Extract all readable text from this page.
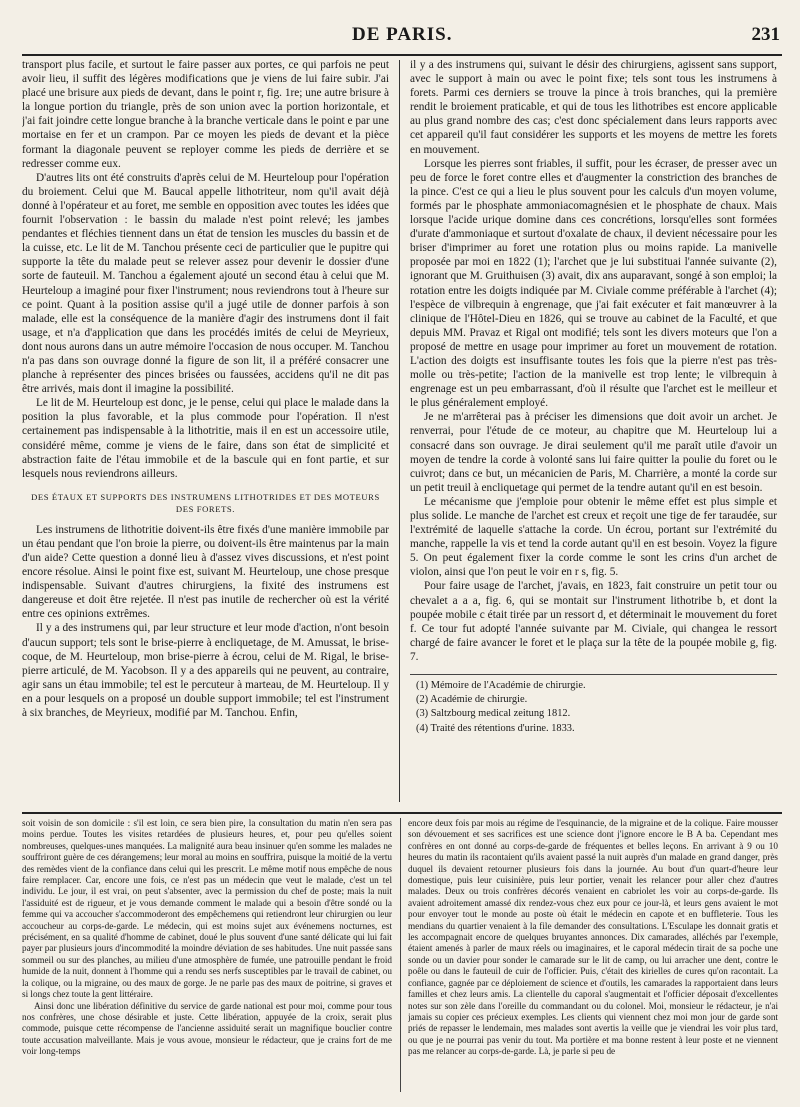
DE PARIS.	231

transport plus facile, et surtout le faire passer aux portes, ce qui parfois ne peut avoir lieu, il suffit des légères modifications que je viens de lui faire subir. J'ai placé une brisure aux pieds de devant, dans le point r, fig. 1re; une autre brisure à la longue portion du triangle, près de son union avec la portion horizontale, et j'ai fait joindre cette longue branche à la branche verticale dans le point e par une mortaise en fer et un crampon. Par ce moyen les pieds de devant et la pièce formant la diagonale peuvent se reployer comme les pieds de derrière et se redresser comme eux.

D'autres lits ont été construits d'après celui de M. Heurteloup pour l'opération du broiement. Celui que M. Baucal appelle lithotriteur, nom qu'il avait déjà donné à l'opérateur et au foret, me semble en opposition avec toutes les idées que fournit l'observation : le bassin du malade n'est point relevé; les jambes pendantes et fléchies tiennent dans un état de tension les muscles du bassin et de la cuisse, etc. Le lit de M. Tanchou présente ceci de particulier que le pupitre qui supporte la tête du malade peut se relever assez pour devenir le dossier d'une sorte de fauteuil. M. Tanchou a également ajouté un second étau à celui que M. Heurteloup a imaginé pour fixer l'instrument; nous reviendrons tout à l'heure sur ce point. Quant à la position assise qu'il a jugé utile de donner parfois à son malade, elle est la conséquence de la manière d'agir des instrumens dont il fait usage, et n'a d'application que dans les procédés imités de celui de Meyrieux, dont nous aurons dans un autre mémoire l'occasion de nous occuper. M. Tanchou n'a pas dans son ouvrage donné la figure de son lit, il a préféré consacrer une planche à représenter des pinces brisées ou faussées, accidens qu'il ne dit pas être arrivés, mais dont il imagine la possibilité.

Le lit de M. Heurteloup est donc, je le pense, celui qui place le malade dans la position la plus favorable, et la plus commode pour l'opération. Il n'est certainement pas indispensable à la lithotritie, mais il en est un accessoire utile, considéré même, comme je viens de le faire, dans son état de simplicité et abstraction faite de l'étau immobile et de la bascule qui en font partie, et sur lesquels nous reviendrons ailleurs.

DES ÉTAUX ET SUPPORTS DES INSTRUMENS LITHOTRIDES ET DES MOTEURS DES FORETS.

Les instrumens de lithotritie doivent-ils être fixés d'une manière immobile par un étau pendant que l'on broie la pierre, ou doivent-ils être maintenus par la main d'un aide? Cette question a donné lieu à d'assez vives discussions, et n'est point encore résolue. Ainsi le point fixe est, suivant M. Heurteloup, une chose presque indispensable. Suivant d'autres chirurgiens, la fixité des instrumens est dangereuse et doit être rejetée. Il n'est pas inutile de rechercher où est la vérité entre ces opinions extrêmes.

Il y a des instrumens qui, par leur structure et leur mode d'action, n'ont besoin d'aucun support; tels sont le brise-pierre à encliquetage, de M. Amussat, le brise-coque, de M. Heurteloup, mon brise-pierre à écrou, celui de M. Rigal, le brise-pierre articulé, de M. Yacobson. Il y a des appareils qui ne peuvent, au contraire, agir sans un étau immobile; tel est le percuteur à marteau, de M. Heurteloup. Il y en a pour lesquels on a proposé un double support immobile; tel est l'instrument à six branches, de Meyrieux, modifié par M. Tanchou. Enfin,

il y a des instrumens qui, suivant le désir des chirurgiens, agissent sans support, avec le support à main ou avec le point fixe; tels sont tous les instrumens à forets. Parmi ces derniers se trouve la pince à trois branches, qui la première rendit le broiement praticable, et qui de tous les lithotribes est encore applicable au plus grand nombre des cas; c'est donc spécialement dans leurs rapports avec cet appareil qu'il faut considérer les supports et les moyens de mettre les forets en mouvement.

Lorsque les pierres sont friables, il suffit, pour les écraser, de presser avec un peu de force le foret contre elles et d'augmenter la constriction des branches de la pince. C'est ce qui a lieu le plus souvent pour les calculs d'un moyen volume, formés par le phosphate ammoniacomagnésien et le phosphate de chaux. Mais lorsque l'acide urique domine dans ces concrétions, lorsqu'elles sont formées d'urate d'ammoniaque et surtout d'oxalate de chaux, il devient nécessaire pour les briser d'imprimer au foret une rotation plus ou moins rapide. La manivelle proposée par moi en 1822 (1); l'archet que je lui substituai l'année suivante (2), ignorant que M. Gruithuisen (3) avait, dix ans auparavant, songé à son emploi; la rotation entre les doigts indiquée par M. Civiale comme préférable à l'archet (4); l'espèce de vilbrequin à engrenage, que j'ai fait exécuter et fait manœuvrer à la clinique de l'Hôtel-Dieu en 1826, qui se trouve au cabinet de la Faculté, et que depuis MM. Pravaz et Rigal ont modifié; tels sont les divers moteurs que l'on a proposé de mettre en usage pour imprimer au foret un mouvement de rotation. L'action des doigts est insuffisante toutes les fois que la pierre n'est pas très-molle ou très-petite; l'action de la manivelle est trop lente; le vilbrequin à engrenage est un peu embarrassant, d'où il résulte que l'archet est le meilleur et le plus généralement employé.

Je ne m'arrêterai pas à préciser les dimensions que doit avoir un archet. Je renverrai, pour l'étude de ce moteur, au chapitre que M. Heurteloup lui a consacré dans son ouvrage. Je dirai seulement qu'il me paraît utile d'avoir un moyen de tendre la corde à volonté sans lui faire quitter la poulie du foret ou le cuivrot; dans ce but, un mécanicien de Paris, M. Charrière, a monté la corde sur un petit treuil à encliquetage qui permet de la tendre autant qu'il en est besoin.

Le mécanisme que j'emploie pour obtenir le même effet est plus simple et plus solide. Le manche de l'archet est creux et reçoit une tige de fer taraudée, sur l'extrémité de laquelle s'attache la corde. Un écrou, portant sur l'extrémité du manche, rappelle la vis et tend la corde autant qu'il en est besoin. Voyez la figure 5. On peut également fixer la corde comme le sont les crins d'un archet de violon, ainsi que l'on peut le voir en r s, fig. 5.

Pour faire usage de l'archet, j'avais, en 1823, fait construire un petit tour ou chevalet a a a, fig. 6, qui se montait sur l'instrument lithotribe b, et dont la poupée mobile c était tirée par un ressort d, et déterminait le mouvement du foret f. Ce tour fut adopté l'année suivante par M. Civiale, qui changea le ressort chargé de faire avancer le foret et le plaça sur la tête de la poupée mobile g, fig. 7.

(1) Mémoire de l'Académie de chirurgie.
(2) Académie de chirurgie.
(3) Saltzbourg medical zeitung 1812.
(4) Traité des rétentions d'urine. 1833.

soit voisin de son domicile : s'il est loin, ce sera bien pire, la consultation du matin n'en sera pas moins perdue. Toutes les visites retardées de plusieurs heures, et, pour peu qu'elles soient nombreuses, quelques-unes manquées. La malignité aura beau insinuer qu'en somme les malades ne souffriront guère de ces dérangemens; leur moral au moins en souffrira, puisque la moitié de la vertu des remèdes vient de la confiance dans celui qui les prescrit. Le même motif nous empêche de nous faire remplacer. Car, encore une fois, ce n'est pas un médecin que veut le malade, c'est un tel individu. Le jour, il est vrai, on peut s'absenter, avec la permission du chef de poste; mais la nuit l'assiduité est de rigueur, et je vous demande comment le malade qui a besoin d'être sondé ou la femme qui va accoucher s'accommoderont des empêchemens qui retiendront leur chirurgien ou leur accoucheur au corps-de-garde. Le médecin, qui est moins sujet aux événemens nocturnes, est précisément, en sa qualité d'homme de cabinet, doué le plus souvent d'une santé délicate qui lui fait payer par plusieurs jours d'incommodité la moindre déviation de ses habitudes. Une nuit passée sans sommeil ou sur des planches, au milieu d'une atmosphère de fumée, une patrouille pendant le froid humide de la nuit, donnent à l'homme qui a rendu ses nerfs susceptibles par le travail de cabinet, ou la colique, ou la migraine, ou des maux de gorge. Je ne parle pas des maux de poitrine, si graves et si longs chez toute la gent littéraire.

Ainsi donc une libération définitive du service de garde national est pour moi, comme pour tous nos confrères, une chose désirable et juste. Cette libération, appuyée de la croix, serait plus commode, puisque cette récompense de l'ancienne assiduité serait un magnifique bouclier contre toute accusation malveillante. Mais je vous avoue, monsieur le rédacteur, que je crains fort de me voir long-temps

encore deux fois par mois au régime de l'esquinancie, de la migraine et de la colique. Faire mousser son dévouement et ses sacrifices est une science dont j'ignore encore le B A ba. Cependant mes confrères en ont donné au corps-de-garde de fréquentes et belles leçons. En arrivant à 9 ou 10 heures du matin ils racontaient qu'ils avaient passé la nuit auprès d'un malade en grand danger, près duquel ils devaient retourner plusieurs fois dans la journée. Au bout d'un quart-d'heure leur domestique, puis leur cuisinière, puis leur portier, venait les relancer pour aller chez d'autres malades. Deux ou trois confrères décorés venaient en cabriolet les voir au corps-de-garde. Ils avaient adroitement amassé dix rendez-vous chez eux pour ce jour-là, et leurs gens avaient le mot pour envoyer tout le monde au poste où était le médecin en capote et en buffleterie. Tous les mendians du quartier venaient à la file demander des consultations. L'Esculape les donnait gratis et les accompagnait encore de quelques bruyantes annonces. Dix camarades, alléchés par l'exemple, étaient amenés à parler de maux réels ou imaginaires, et le caporal médecin tirait de sa poche une sonde ou un davier pour sonder le camarade sur le lit de camp, ou lui arracher une dent, contre le poêle ou dans le fauteuil de cuir de l'officier. Puis, c'était des kirielles de cures qu'on racontait. La confiance, gagnée par ce déploiement de science et d'outils, les camarades la rapportaient dans leurs familles et chez leurs amis. La clientelle du caporal s'augmentait et l'officier déposait d'excellentes notes sur son zèle dans l'oreille du commandant ou du colonel. Moi, monsieur le rédacteur, je n'ai jamais su copier ces précieux exemples. Les clients qui viennent chez moi mon jour de garde sont priés de repasser le lendemain, mes malades sont avertis la veille que je viendrai les voir plus tard, ou que je ne pourrai pas venir du tout. Ma portière et ma bonne restent à leur poste et ne viennent pas me relancer au corps-de-garde. Là, je parle si peu de
